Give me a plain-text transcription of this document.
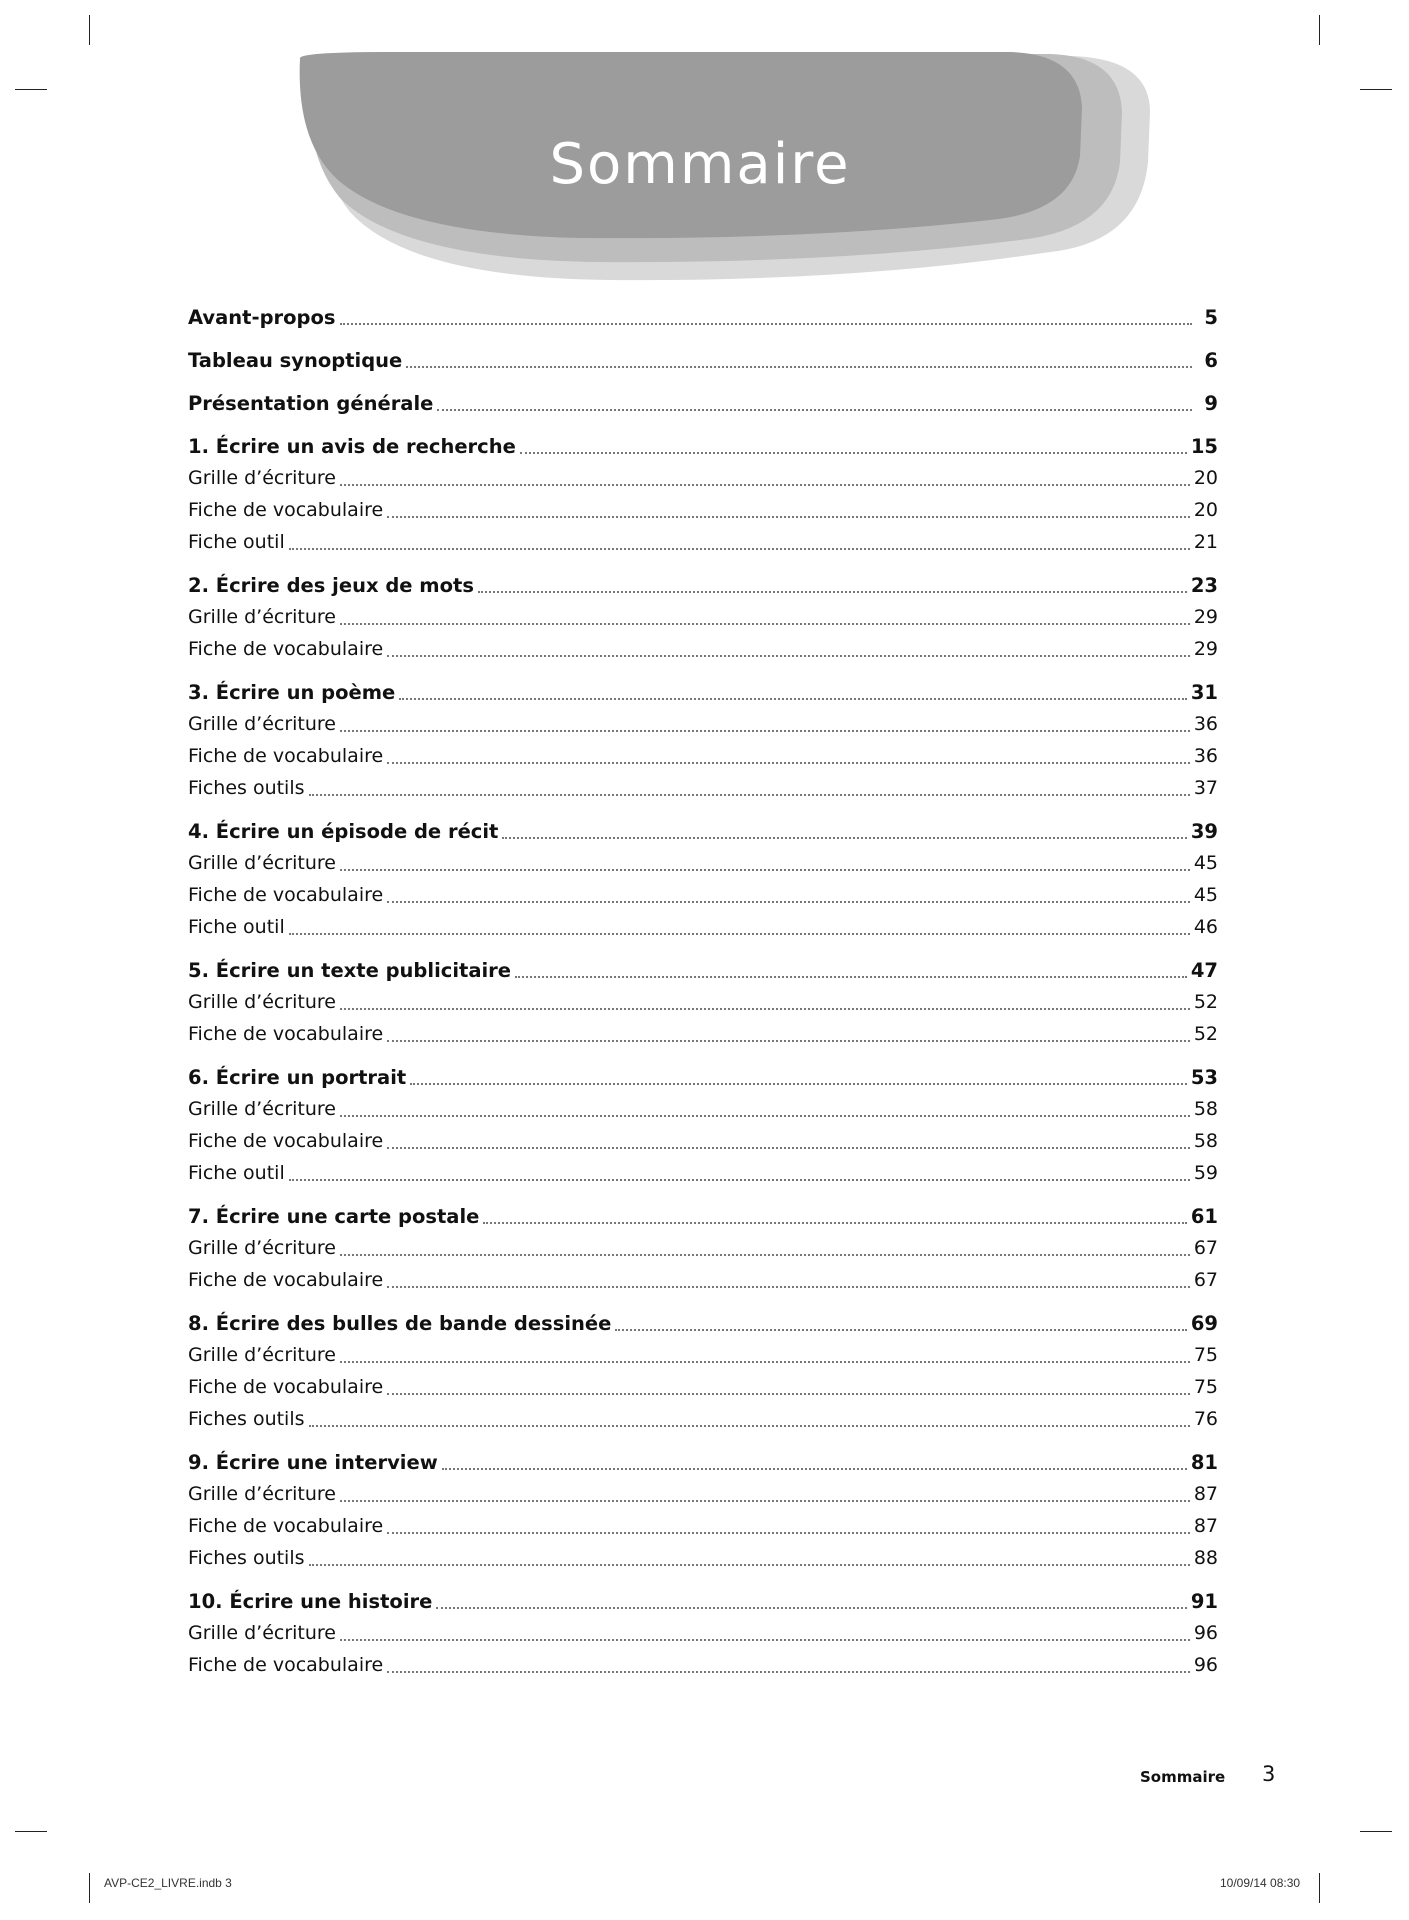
Sommaire
Avant-propos	5
Tableau synoptique	6
Présentation générale	9
1. Écrire un avis de recherche	15
Grille d’écriture	20
Fiche de vocabulaire	20
Fiche outil	21
2. Écrire des jeux de mots	23
Grille d’écriture	29
Fiche de vocabulaire	29
3. Écrire un poème	31
Grille d’écriture	36
Fiche de vocabulaire	36
Fiches outils	37
4. Écrire un épisode de récit	39
Grille d’écriture	45
Fiche de vocabulaire	45
Fiche outil	46
5. Écrire un texte publicitaire	47
Grille d’écriture	52
Fiche de vocabulaire	52
6. Écrire un portrait	53
Grille d’écriture	58
Fiche de vocabulaire	58
Fiche outil	59
7. Écrire une carte postale	61
Grille d’écriture	67
Fiche de vocabulaire	67
8. Écrire des bulles de bande dessinée	69
Grille d’écriture	75
Fiche de vocabulaire	75
Fiches outils	76
9. Écrire une interview	81
Grille d’écriture	87
Fiche de vocabulaire	87
Fiches outils	88
10. Écrire une histoire	91
Grille d’écriture	96
Fiche de vocabulaire	96
Sommaire 3
AVP-CE2_LIVRE.indb 3	10/09/14 08:30
